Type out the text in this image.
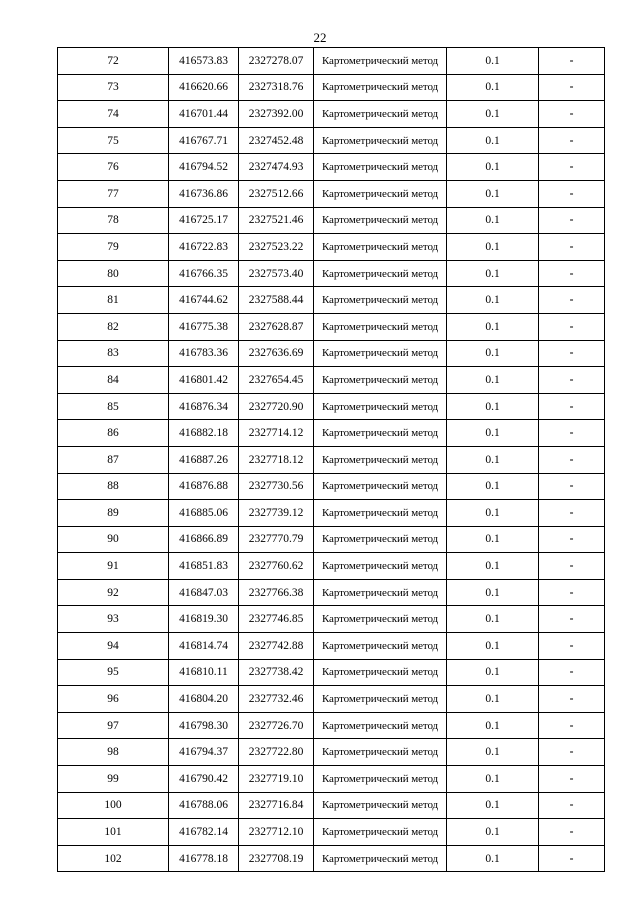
22
72	416573.83	2327278.07	Картометрический метод	0.1	-
73	416620.66	2327318.76	Картометрический метод	0.1	-
74	416701.44	2327392.00	Картометрический метод	0.1	-
75	416767.71	2327452.48	Картометрический метод	0.1	-
76	416794.52	2327474.93	Картометрический метод	0.1	-
77	416736.86	2327512.66	Картометрический метод	0.1	-
78	416725.17	2327521.46	Картометрический метод	0.1	-
79	416722.83	2327523.22	Картометрический метод	0.1	-
80	416766.35	2327573.40	Картометрический метод	0.1	-
81	416744.62	2327588.44	Картометрический метод	0.1	-
82	416775.38	2327628.87	Картометрический метод	0.1	-
83	416783.36	2327636.69	Картометрический метод	0.1	-
84	416801.42	2327654.45	Картометрический метод	0.1	-
85	416876.34	2327720.90	Картометрический метод	0.1	-
86	416882.18	2327714.12	Картометрический метод	0.1	-
87	416887.26	2327718.12	Картометрический метод	0.1	-
88	416876.88	2327730.56	Картометрический метод	0.1	-
89	416885.06	2327739.12	Картометрический метод	0.1	-
90	416866.89	2327770.79	Картометрический метод	0.1	-
91	416851.83	2327760.62	Картометрический метод	0.1	-
92	416847.03	2327766.38	Картометрический метод	0.1	-
93	416819.30	2327746.85	Картометрический метод	0.1	-
94	416814.74	2327742.88	Картометрический метод	0.1	-
95	416810.11	2327738.42	Картометрический метод	0.1	-
96	416804.20	2327732.46	Картометрический метод	0.1	-
97	416798.30	2327726.70	Картометрический метод	0.1	-
98	416794.37	2327722.80	Картометрический метод	0.1	-
99	416790.42	2327719.10	Картометрический метод	0.1	-
100	416788.06	2327716.84	Картометрический метод	0.1	-
101	416782.14	2327712.10	Картометрический метод	0.1	-
102	416778.18	2327708.19	Картометрический метод	0.1	-
